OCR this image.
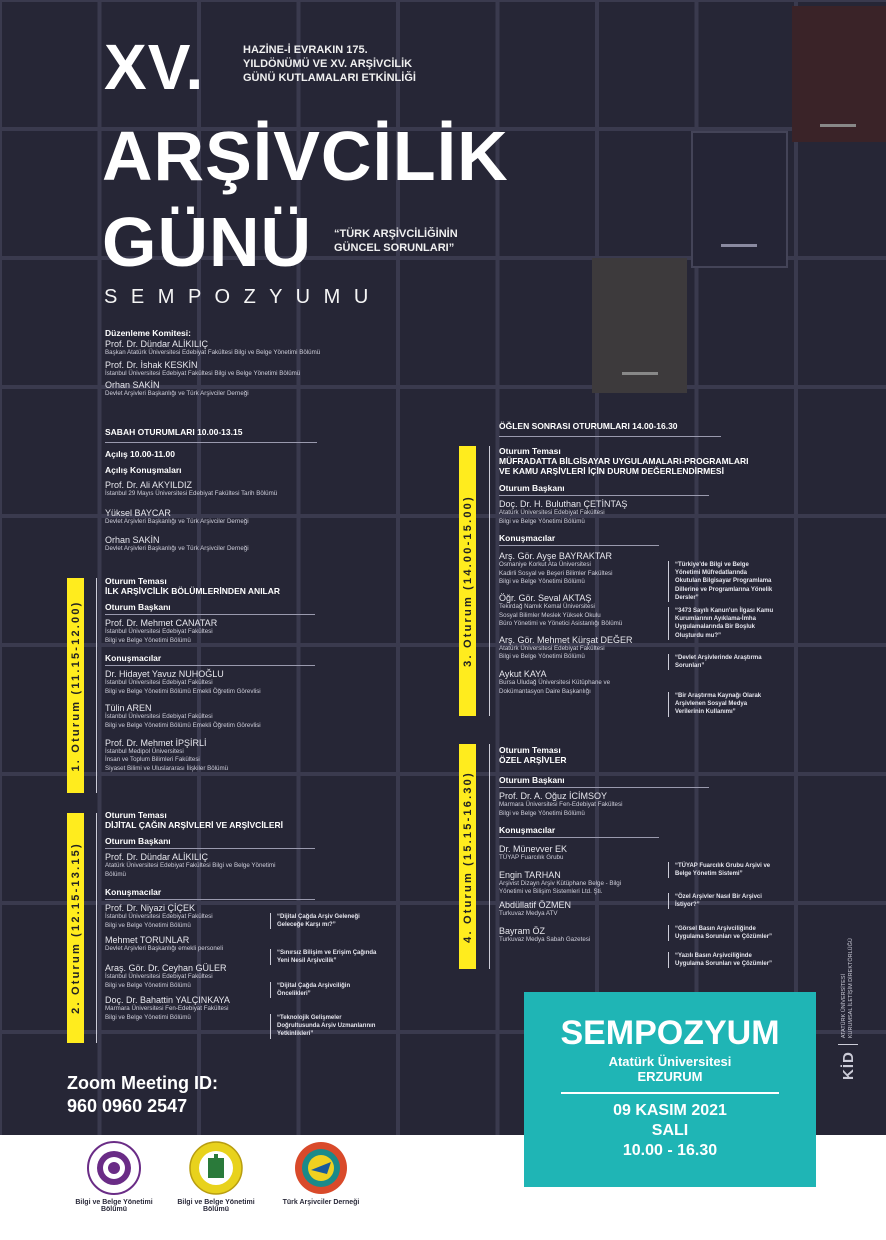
XV.	HAZİNE-İ EVRAKIN 175.
YILDÖNÜMÜ VE XV. ARŞİVCİLİK
GÜNÜ KUTLAMALARI ETKİNLİĞİ
ARŞİVCİLİK
GÜNÜ “TÜRK ARŞİVCİLİĞİNİN
GÜNCEL SORUNLARI”
S E M P O Z Y U M U
Düzenleme Komitesi:
Prof. Dr. Dündar ALİKILIÇ
Başkan Atatürk Üniversitesi Edebiyat Fakültesi Bilgi ve Belge Yönetimi Bölümü
Prof. Dr. İshak KESKİN
İstanbul Üniversitesi Edebiyat Fakültesi Bilgi ve Belge Yönetimi Bölümü
Orhan SAKİN
Devlet Arşivleri Başkanlığı ve Türk Arşivciler Derneği
SABAH OTURUMLARI 10.00-13.15
Açılış 10.00-11.00
Açılış Konuşmaları
Prof. Dr. Ali AKYILDIZ
İstanbul 29 Mayıs Üniversitesi Edebiyat Fakültesi Tarih Bölümü
Yüksel BAYCAR
Devlet Arşivleri Başkanlığı ve Türk Arşivciler Derneği
Orhan SAKİN
Devlet Arşivleri Başkanlığı ve Türk Arşivciler Derneği
1. Oturum (11.15-12.00)
Oturum Teması
İLK ARŞİVCİLİK BÖLÜMLERİNDEN ANILAR
Oturum Başkanı
Prof. Dr. Mehmet CANATAR
İstanbul Üniversitesi Edebiyat Fakültesi
Bilgi ve Belge Yönetimi Bölümü
Konuşmacılar
Dr. Hidayet Yavuz NUHOĞLU
İstanbul Üniversitesi Edebiyat Fakültesi
Bilgi ve Belge Yönetimi Bölümü Emekli Öğretim Görevlisi
Tülin AREN
İstanbul Üniversitesi Edebiyat Fakültesi
Bilgi ve Belge Yönetimi Bölümü Emekli Öğretim Görevlisi
Prof. Dr. Mehmet İPŞİRLİ
İstanbul Medipol Üniversitesi
İnsan ve Toplum Bilimleri Fakültesi
Siyaset Bilimi ve Uluslararası İlişkiler Bölümü
2. Oturum (12.15-13.15)
Oturum Teması
DİJİTAL ÇAĞIN ARŞİVLERİ VE ARŞİVCİLERİ
Oturum Başkanı
Prof. Dr. Dündar ALİKILIÇ
Atatürk Üniversitesi Edebiyat Fakültesi Bilgi ve Belge Yönetimi
Bölümü
Konuşmacılar
Prof. Dr. Niyazi ÇİÇEK
İstanbul Üniversitesi Edebiyat Fakültesi
Bilgi ve Belge Yönetimi Bölümü
Mehmet TORUNLAR
Devlet Arşivleri Başkanlığı emekli personeli
Araş. Gör. Dr. Ceyhan GÜLER
İstanbul Üniversitesi Edebiyat Fakültesi
Bilgi ve Belge Yönetimi Bölümü
Doç. Dr. Bahattin YALÇINKAYA
Marmara Üniversitesi Fen-Edebiyat Fakültesi
Bilgi ve Belge Yönetimi Bölümü
“Dijital Çağda Arşiv Geleneği
Geleceğe Karşı mı?”
“Sınırsız Bilişim ve Erişim Çağında
Yeni Nesil Arşivcilik”
“Dijital Çağda Arşivciliğin
Öncelikleri”
“Teknolojik Gelişmeler
Doğrultusunda Arşiv Uzmanlarının
Yetkinlikleri”
ÖĞLEN SONRASI OTURUMLARI 14.00-16.30
3. Oturum (14.00-15.00)
Oturum Teması
MÜFRADATTA BİLGİSAYAR UYGULAMALARI-PROGRAMLARI
VE KAMU ARŞİVLERİ İÇİN DURUM DEĞERLENDİRMESİ
Oturum Başkanı
Doç. Dr. H. Buluthan ÇETİNTAŞ
Atatürk Üniversitesi Edebiyat Fakültesi
Bilgi ve Belge Yönetimi Bölümü
Konuşmacılar
Arş. Gör. Ayşe BAYRAKTAR
Osmaniye Korkut Ata Üniversitesi
Kadirli Sosyal ve Beşeri Bilimler Fakültesi
Bilgi ve Belge Yönetimi Bölümü
Öğr. Gör. Seval AKTAŞ
Tekirdağ Namık Kemal Üniversitesi
Sosyal Bilimler Meslek Yüksek Okulu
Büro Yönetimi ve Yönetici Asistanlığı Bölümü
Arş. Gör. Mehmet Kürşat DEĞER
Atatürk Üniversitesi Edebiyat Fakültesi
Bilgi ve Belge Yönetimi Bölümü
Aykut KAYA
Bursa Uludağ Üniversitesi Kütüphane ve
Dokümantasyon Daire Başkanlığı
“Türkiye'de Bilgi ve Belge
Yönetimi Müfredatlarında
Okutulan Bilgisayar Programlama
Dillerine ve Programlarına Yönelik
Dersler”
“3473 Sayılı Kanun'un İlgası Kamu
Kurumlarının Ayıklama-İmha
Uygulamalarında Bir Boşluk
Oluşturdu mu?”
“Devlet Arşivlerinde Araştırma
Sorunları”
“Bir Araştırma Kaynağı Olarak
Arşivlenen Sosyal Medya
Verilerinin Kullanımı”
4. Oturum (15.15-16.30)
Oturum Teması
ÖZEL ARŞİVLER
Oturum Başkanı
Prof. Dr. A. Oğuz İCİMSOY
Marmara Üniversitesi Fen-Edebiyat Fakültesi
Bilgi ve Belge Yönetimi Bölümü
Konuşmacılar
Dr. Münevver EK
TÜYAP Fuarcılık Grubu
Engin TARHAN
Arşivist Dizayn Arşiv Kütüphane Belge - Bilgi
Yönetimi ve Bilişim Sistemleri Ltd. Şti.
Abdüllatif ÖZMEN
Turkuvaz Medya ATV
Bayram ÖZ
Turkuvaz Medya Sabah Gazetesi
“TÜYAP Fuarcılık Grubu Arşivi ve
Belge Yönetim Sistemi”
“Özel Arşivler Nasıl Bir Arşivci
İstiyor?”
“Görsel Basın Arşivciliğinde
Uygulama Sorunları ve Çözümler”
“Yazılı Basın Arşivciliğinde
Uygulama Sorunları ve Çözümler”
KİD
ATATÜRK ÜNİVERSİTESİ KURUMSAL İLETİŞİM DİREKTÖRLÜĞÜ
Zoom Meeting ID:
960 0960 2547
Bilgi ve Belge Yönetimi
Bölümü
Bilgi ve Belge Yönetimi
Bölümü
Türk Arşivciler Derneği
SEMPOZYUM
Atatürk Üniversitesi
ERZURUM
09 KASIM 2021
SALI
10.00 - 16.30
